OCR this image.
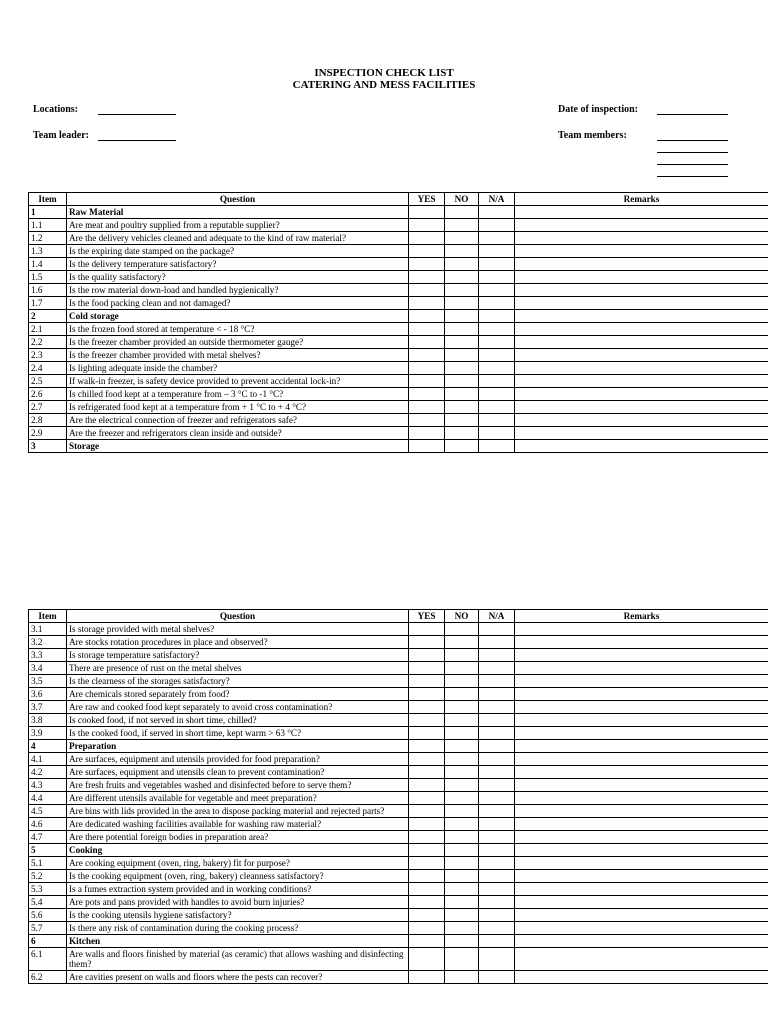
INSPECTION CHECK LIST
CATERING AND MESS FACILITIES
Locations:
Team leader:
Date of inspection:
Team members:
Item	Question	YES	NO	N/A	Remarks
1	Raw Material				
1.1	Are meat and poultry supplied from a reputable supplier?				
1.2	Are the delivery vehicles cleaned and adequate to the kind of raw material?				
1.3	Is the expiring date stamped on the package?				
1.4	Is the delivery temperature satisfactory?				
1.5	Is the quality satisfactory?				
1.6	Is the row material down-load and handled hygienically?				
1.7	Is the food packing clean and not damaged?				
2	Cold storage				
2.1	Is the frozen food stored at temperature < - 18 °C?				
2.2	Is the freezer chamber provided an outside thermometer gauge?				
2.3	Is the freezer chamber provided with metal shelves?				
2.4	Is lighting adequate inside the chamber?				
2.5	If walk-in freezer, is safety device provided to prevent accidental lock-in?				
2.6	Is chilled food kept at a temperature from – 3 °C to -1 °C?				
2.7	Is refrigerated food kept at a temperature from + 1 °C to + 4 °C?				
2.8	Are the electrical connection of freezer and refrigerators safe?				
2.9	Are the freezer and refrigerators clean inside and outside?				
3	Storage				
Item	Question	YES	NO	N/A	Remarks
3.1	Is storage provided with metal shelves?				
3.2	Are stocks rotation procedures in place and observed?				
3.3	Is storage temperature satisfactory?				
3.4	There are presence of rust on the metal shelves				
3.5	Is the clearness of the storages satisfactory?				
3.6	Are chemicals stored separately from food?				
3.7	Are raw and cooked food kept separately to avoid cross contamination?				
3.8	Is cooked food, if not served in short time, chilled?				
3.9	Is the cooked food, if served in short time, kept warm > 63 °C?				
4	Preparation				
4.1	Are surfaces, equipment and utensils provided for food preparation?				
4.2	Are surfaces, equipment and utensils clean to prevent contamination?				
4.3	Are fresh fruits and vegetables washed and disinfected before to serve them?				
4.4	Are different utensils available for vegetable and meet preparation?				
4.5	Are bins with lids provided in the area to dispose packing material and rejected parts?				
4.6	Are dedicated washing facilities available for washing raw material?				
4.7	Are there potential foreign bodies in preparation area?				
5	Cooking				
5.1	Are cooking equipment (oven, ring, bakery) fit for purpose?				
5.2	Is the cooking equipment (oven, ring, bakery) cleanness satisfactory?				
5.3	Is a fumes extraction system provided and in working conditions?				
5.4	Are pots and pans provided with handles to avoid burn injuries?				
5.6	Is the cooking utensils hygiene satisfactory?				
5.7	Is there any risk of contamination during the cooking process?				
6	Kitchen				
6.1	Are walls and floors finished by material (as ceramic) that allows washing and disinfecting them?				
6.2	Are cavities present on walls and floors where the pests can recover?				
